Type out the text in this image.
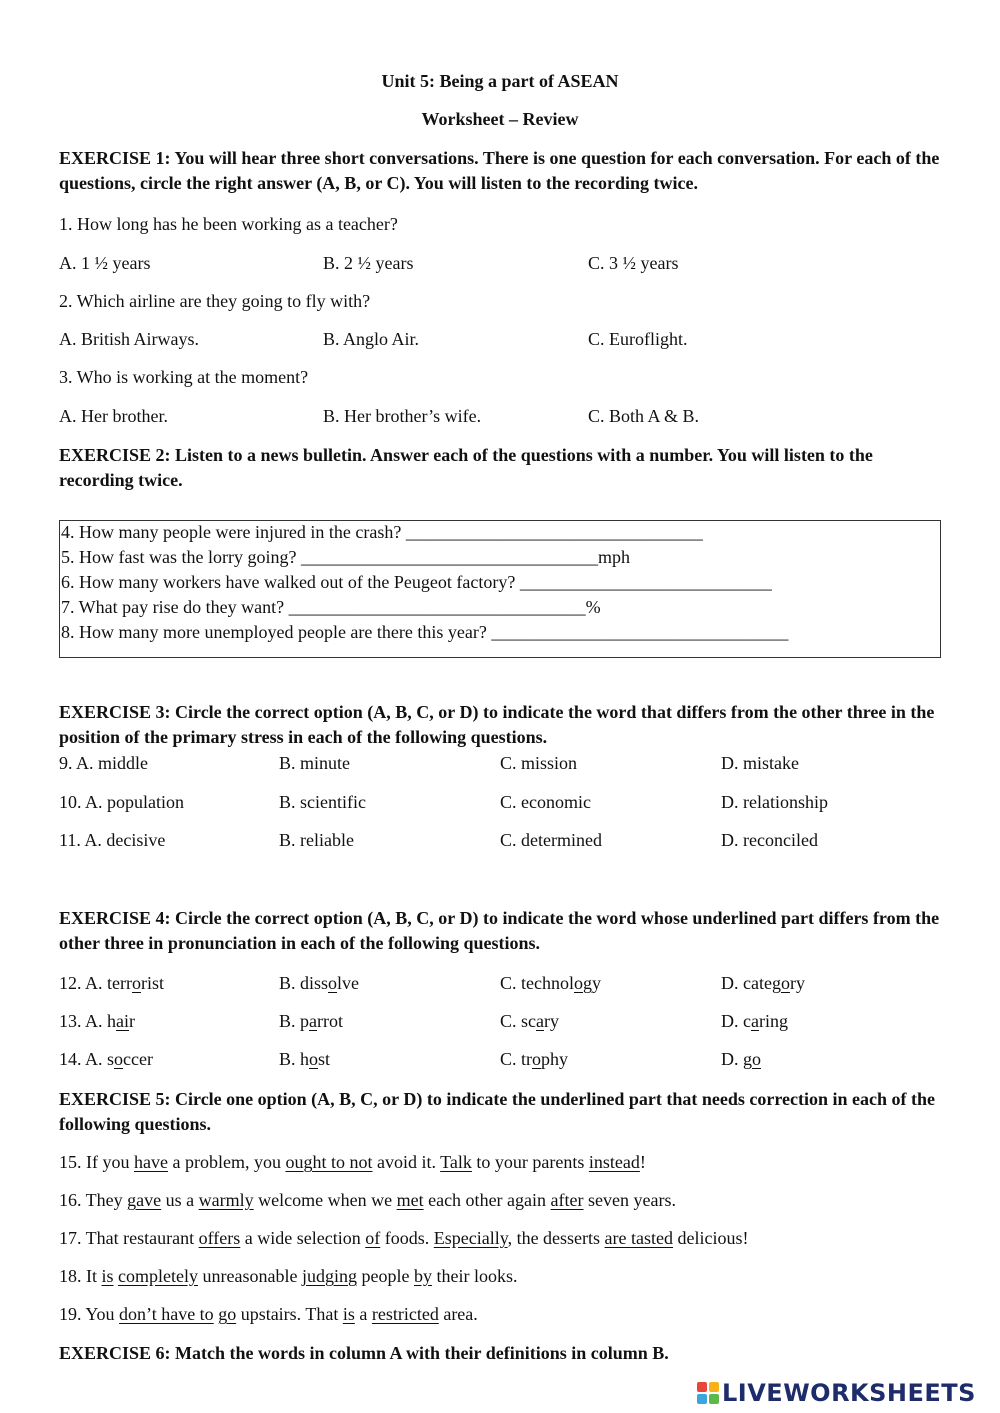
Unit 5: Being a part of ASEAN
Worksheet – Review
EXERCISE 1: You will hear three short conversations. There is one question for each conversation. For each of the questions, circle the right answer (A, B, or C). You will listen to the recording twice.
1. How long has he been working as a teacher?
A. 1 ½ years	B. 2 ½ years	C. 3 ½ years
2. Which airline are they going to fly with?
A. British Airways.	B. Anglo Air.	C. Euroflight.
3. Who is working at the moment?
A. Her brother.	B. Her brother’s wife.	C. Both A & B.
EXERCISE 2: Listen to a news bulletin. Answer each of the questions with a number. You will listen to the recording twice.
4. How many people were injured in the crash? _________________________________
5. How fast was the lorry going? _________________________________mph
6. How many workers have walked out of the Peugeot factory? ____________________________
7. What pay rise do they want? _________________________________%
8. How many more unemployed people are there this year? _________________________________
EXERCISE 3: Circle the correct option (A, B, C, or D) to indicate the word that differs from the other three in the position of the primary stress in each of the following questions.
9. A. middle	B. minute	C. mission	D. mistake
10. A. population	B. scientific	C. economic	D. relationship
11. A. decisive	B. reliable	C. determined	D. reconciled
EXERCISE 4: Circle the correct option (A, B, C, or D) to indicate the word whose underlined part differs from the other three in pronunciation in each of the following questions.
12. A. terrorist	B. dissolve	C. technology	D. category
13. A. hair	B. parrot	C. scary	D. caring
14. A. soccer	B. host	C. trophy	D. go
EXERCISE 5: Circle one option (A, B, C, or D) to indicate the underlined part that needs correction in each of the following questions.
15. If you have a problem, you ought to not avoid it. Talk to your parents instead!
16. They gave us a warmly welcome when we met each other again after seven years.
17. That restaurant offers a wide selection of foods. Especially, the desserts are tasted delicious!
18. It is completely unreasonable judging people by their looks.
19. You don’t have to go upstairs. That is a restricted area.
EXERCISE 6: Match the words in column A with their definitions in column B.
LIVEWORKSHEETS
